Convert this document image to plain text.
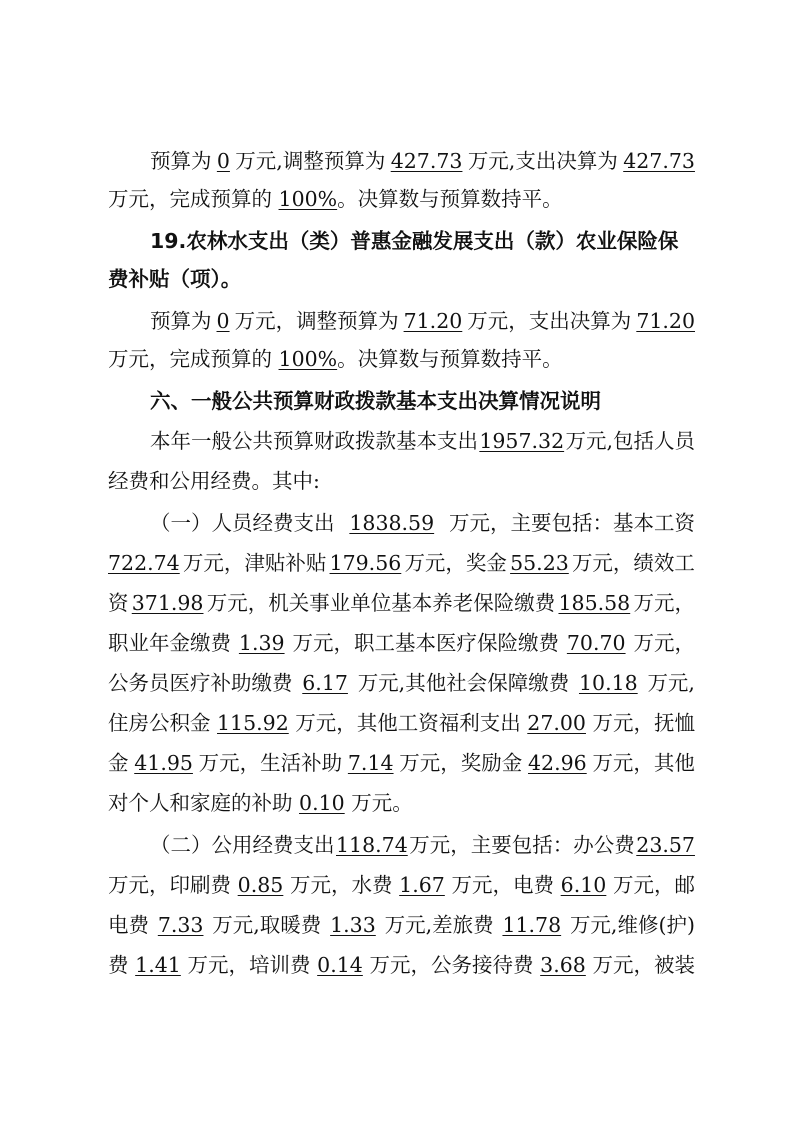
预算为 0 万元,调整预算为 427.73 万元,支出决算为 427.73
万元，完成预算的 100%。决算数与预算数持平。
19.农林水支出（类）普惠金融发展支出（款）农业保险保
费补贴（项）。
预算为 0 万元，调整预算为 71.20 万元，支出决算为 71.20
万元，完成预算的 100%。决算数与预算数持平。
六、一般公共预算财政拨款基本支出决算情况说明
本年一般公共预算财政拨款基本支出 1957.32 万元,包括人员
经费和公用经费。其中:
（一）人员经费支出 1838.59 万元，主要包括：基本工资
722.74 万元，津贴补贴 179.56 万元，奖金 55.23 万元，绩效工
资 371.98 万元，机关事业单位基本养老保险缴费 185.58 万元，
职业年金缴费 1.39 万元，职工基本医疗保险缴费 70.70 万元，
公务员医疗补助缴费 6.17 万元,其他社会保障缴费 10.18 万元,
住房公积金 115.92 万元，其他工资福利支出 27.00 万元，抚恤
金 41.95 万元，生活补助 7.14 万元，奖励金 42.96 万元，其他
对个人和家庭的补助 0.10 万元。
（二）公用经费支出 118.74 万元，主要包括：办公费 23.57
万元，印刷费 0.85 万元，水费 1.67 万元，电费 6.10 万元，邮
电费 7.33 万元,取暖费 1.33 万元,差旅费 11.78 万元,维修(护)
费 1.41 万元，培训费 0.14 万元，公务接待费 3.68 万元，被装
